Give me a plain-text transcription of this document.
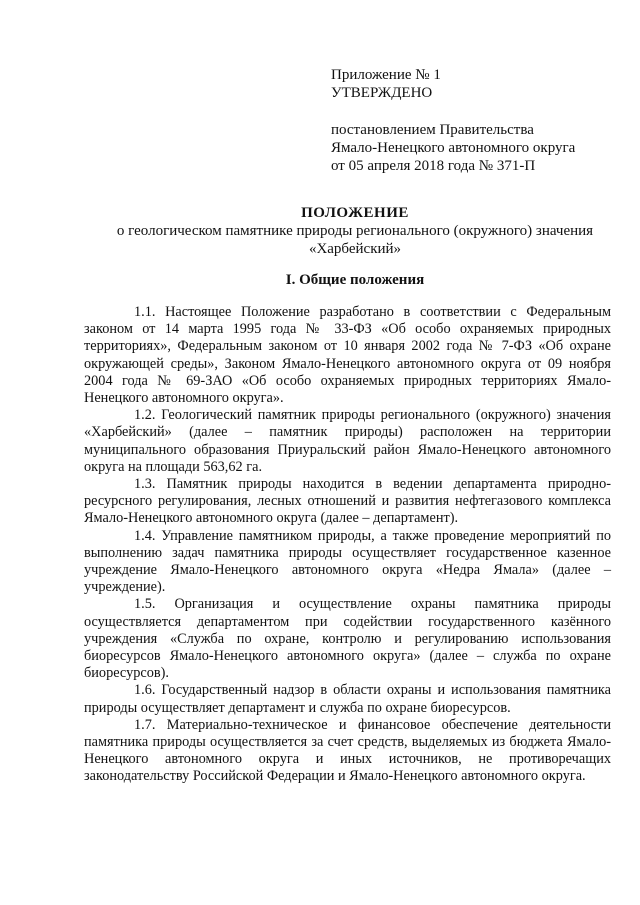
Приложение № 1
УТВЕРЖДЕНО
постановлением Правительства
Ямало-Ненецкого автономного округа
от 05 апреля 2018 года № 371-П
ПОЛОЖЕНИЕ
о геологическом памятнике природы регионального (окружного) значения
«Харбейский»
I. Общие положения

1.1. Настоящее Положение разработано в соответствии с Федеральным законом от 14 марта 1995 года № 33-ФЗ «Об особо охраняемых природных территориях», Федеральным законом от 10 января 2002 года № 7-ФЗ «Об охране окружающей среды», Законом Ямало-Ненецкого автономного округа от 09 ноября 2004 года № 69-ЗАО «Об особо охраняемых природных территориях Ямало-Ненецкого автономного округа».

1.2. Геологический памятник природы регионального (окружного) значения «Харбейский» (далее – памятник природы) расположен на территории муниципального образования Приуральский район Ямало-Ненецкого автономного округа на площади 563,62 га.

1.3. Памятник природы находится в ведении департамента природно-ресурсного регулирования, лесных отношений и развития нефтегазового комплекса Ямало-Ненецкого автономного округа (далее – департамент).

1.4. Управление памятником природы, а также проведение мероприятий по выполнению задач памятника природы осуществляет государственное казенное учреждение Ямало-Ненецкого автономного округа «Недра Ямала» (далее – учреждение).

1.5. Организация и осуществление охраны памятника природы осуществляется департаментом при содействии государственного казённого учреждения «Служба по охране, контролю и регулированию использования биоресурсов Ямало-Ненецкого автономного округа» (далее – служба по охране биоресурсов).

1.6. Государственный надзор в области охраны и использования памятника природы осуществляет департамент и служба по охране биоресурсов.

1.7. Материально-техническое и финансовое обеспечение деятельности памятника природы осуществляется за счет средств, выделяемых из бюджета Ямало-Ненецкого автономного округа и иных источников, не противоречащих законодательству Российской Федерации и Ямало-Ненецкого автономного округа.
